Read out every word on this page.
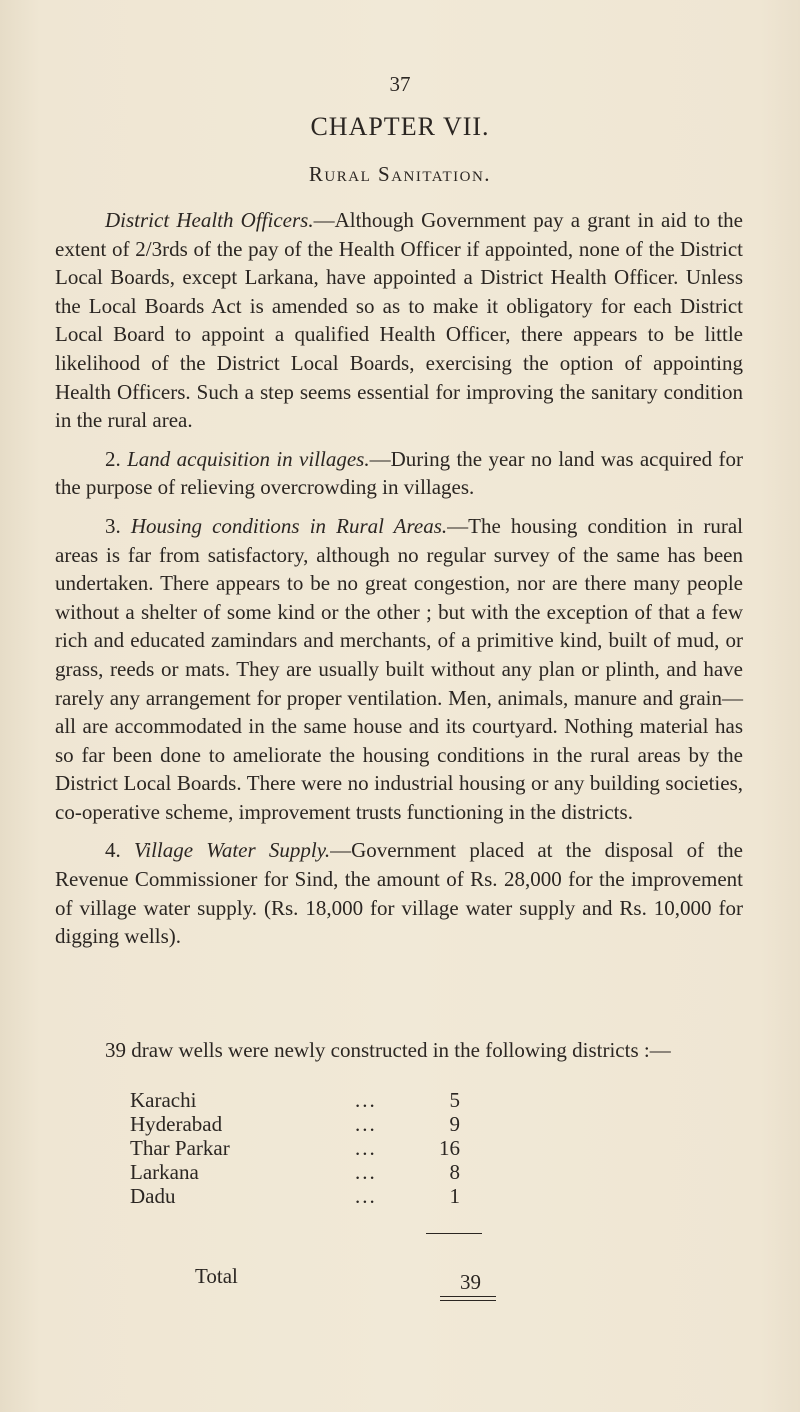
37
CHAPTER VII.
Rural Sanitation.

District Health Officers.—Although Government pay a grant in aid to the extent of 2/3rds of the pay of the Health Officer if appointed, none of the District Local Boards, except Larkana, have appointed a District Health Officer. Unless the Local Boards Act is amended so as to make it obligatory for each District Local Board to appoint a qualified Health Officer, there appears to be little likelihood of the District Local Boards, exercising the option of appointing Health Officers. Such a step seems essential for improving the sanitary condition in the rural area.

2. Land acquisition in villages.—During the year no land was acquired for the purpose of relieving overcrowding in villages.

3. Housing conditions in Rural Areas.—The housing condition in rural areas is far from satisfactory, although no regular survey of the same has been undertaken. There appears to be no great congestion, nor are there many people without a shelter of some kind or the other ; but with the exception of that a few rich and educated zamindars and merchants, of a primitive kind, built of mud, or grass, reeds or mats. They are usually built without any plan or plinth, and have rarely any arrangement for proper ventilation. Men, animals, manure and grain—all are accommodated in the same house and its courtyard. Nothing material has so far been done to ameliorate the housing conditions in the rural areas by the District Local Boards. There were no industrial housing or any building societies, co-operative scheme, improvement trusts functioning in the districts.

4. Village Water Supply.—Government placed at the disposal of the Revenue Commissioner for Sind, the amount of Rs. 28,000 for the improvement of village water supply. (Rs. 18,000 for village water supply and Rs. 10,000 for digging wells).

39 draw wells were newly constructed in the following districts :—
Karachi	...	5
Hyderabad	...	9
Thar Parkar	...	16
Larkana	...	8
Dadu	...	1
Total	39
